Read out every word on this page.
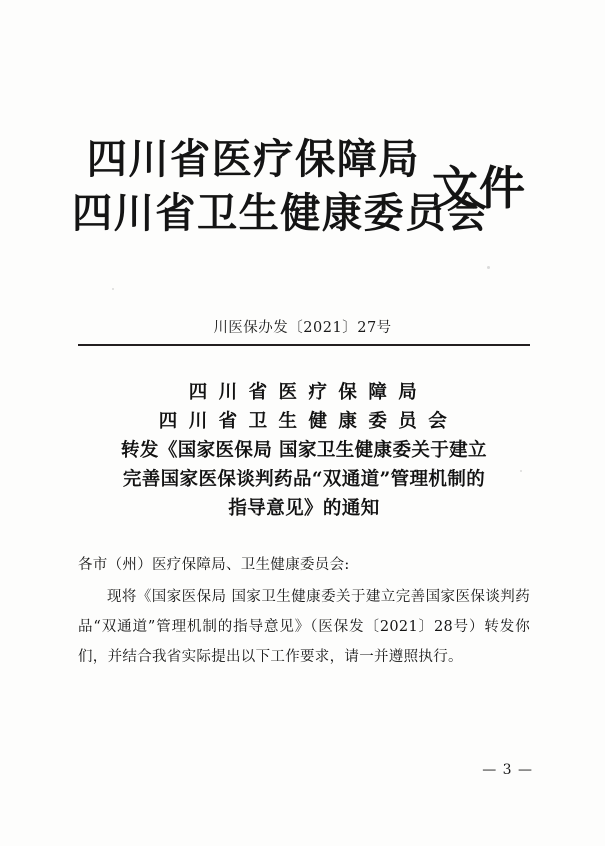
四川省医疗保障局
四川省卫生健康委员会
文件
川医保办发〔2021〕27号
四 川 省 医 疗 保 障 局
四 川 省 卫 生 健 康 委 员 会
转发《国家医保局 国家卫生健康委关于建立
完善国家医保谈判药品“双通道”管理机制的
指导意见》的通知
各市（州）医疗保障局、卫生健康委员会:
现将《国家医保局 国家卫生健康委关于建立完善国家医保谈判药品“双通道”管理机制的指导意见》（医保发〔2021〕28号）转发你们，并结合我省实际提出以下工作要求，请一并遵照执行。
— 3 —
